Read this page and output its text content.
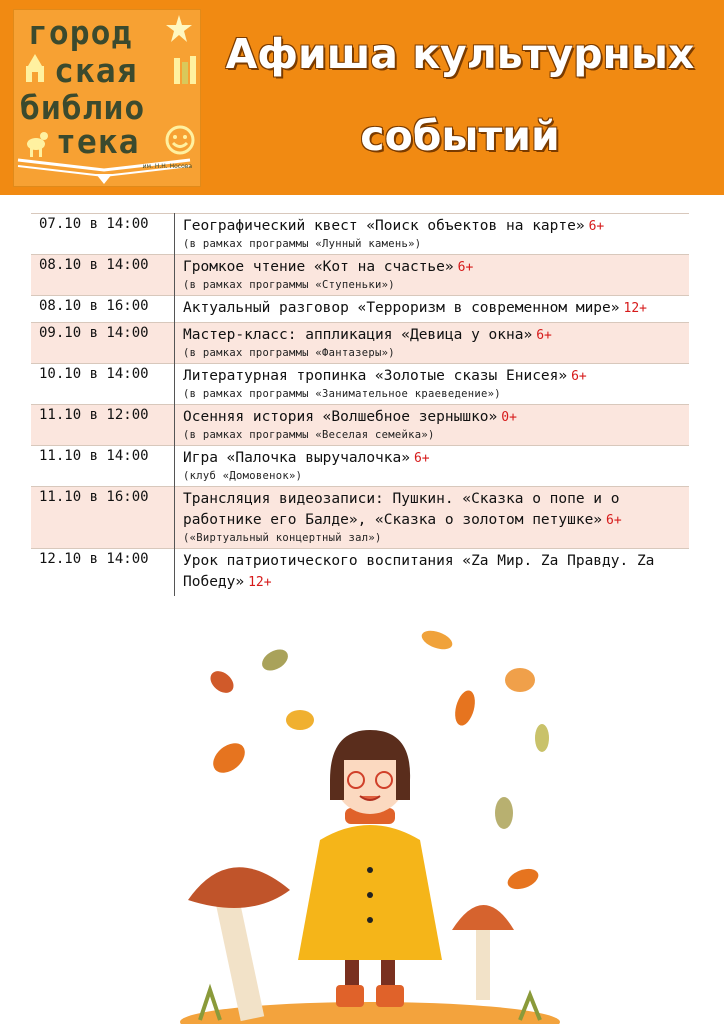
город
ская
библио
тека
им. Н.Н. Носова
Афиша культурных
событий
07.10 в 14:00	Географический квест «Поиск объектов на карте» 6+
(в рамках программы «Лунный камень»)

08.10 в 14:00	Громкое чтение «Кот на счастье» 6+
(в рамках программы «Ступеньки»)

08.10 в 16:00	Актуальный разговор «Терроризм в современном мире» 12+
09.10 в 14:00	Мастер-класс: аппликация «Девица у окна» 6+
(в рамках программы «Фантазеры»)

10.10 в 14:00	Литературная тропинка «Золотые сказы Енисея» 6+
(в рамках программы «Занимательное краеведение»)

11.10 в 12:00	Осенняя история «Волшебное зернышко» 0+
(в рамках программы «Веселая семейка»)

11.10 в 14:00	Игра «Палочка выручалочка» 6+
(клуб «Домовенок»)

11.10 в 16:00	Трансляция видеозаписи: Пушкин. «Сказка о попе и о работнике его Балде», «Сказка о золотом петушке» 6+
(«Виртуальный концертный зал»)

12.10 в 14:00	Урок патриотического воспитания «Za Мир. Za Правду. Zа Победу» 12+
